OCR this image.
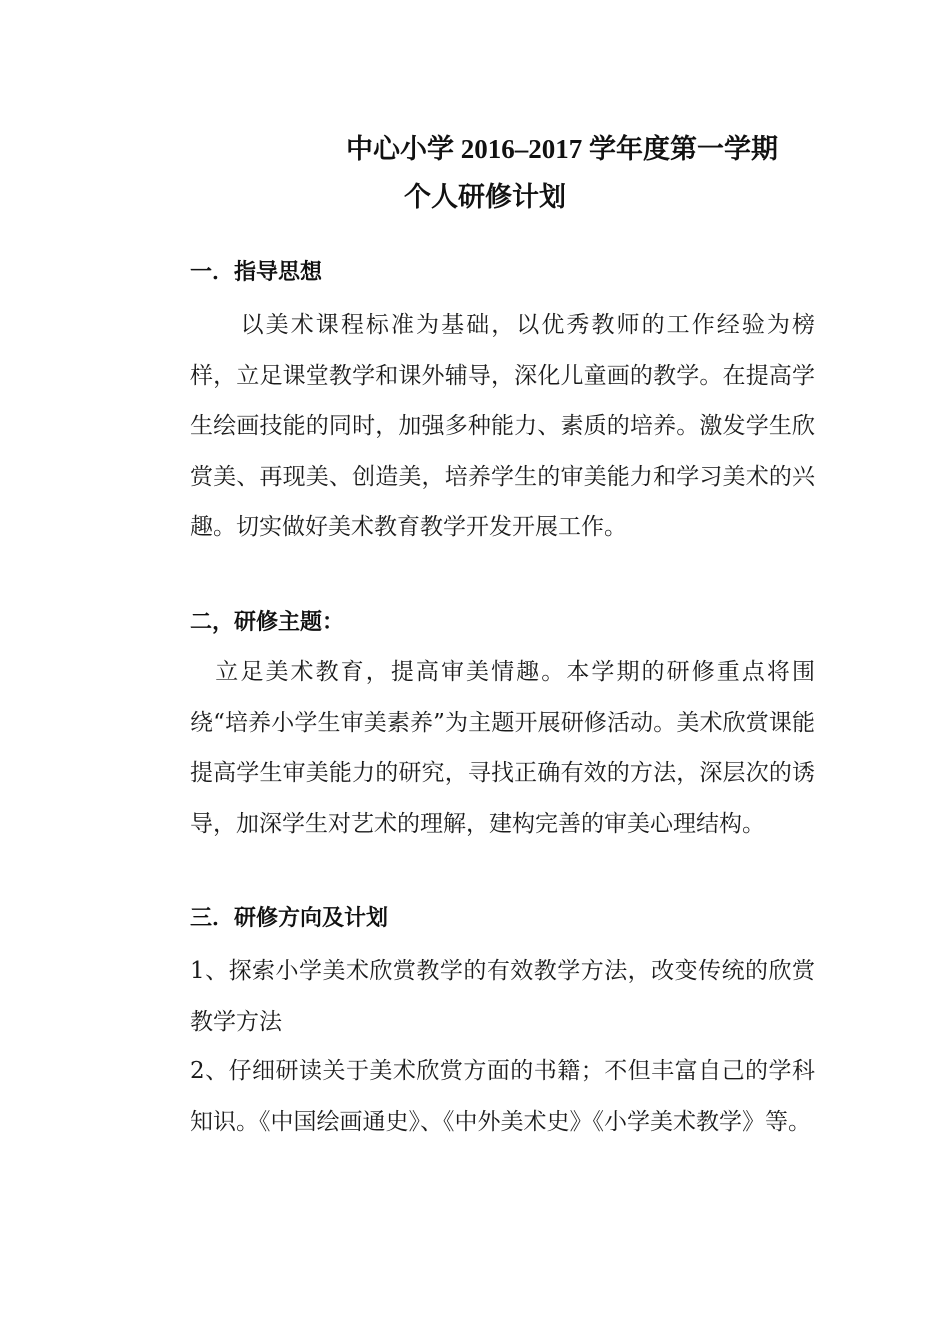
中心小学 2016–2017 学年度第一学期
个人研修计划
一．指导思想
以美术课程标准为基础，以优秀教师的工作经验为榜样，立足课堂教学和课外辅导，深化儿童画的教学。在提高学生绘画技能的同时，加强多种能力、素质的培养。激发学生欣赏美、再现美、创造美，培养学生的审美能力和学习美术的兴趣。切实做好美术教育教学开发开展工作。
二，研修主题：
立足美术教育，提高审美情趣。本学期的研修重点将围绕“培养小学生审美素养”为主题开展研修活动。美术欣赏课能提高学生审美能力的研究，寻找正确有效的方法，深层次的诱导，加深学生对艺术的理解，建构完善的审美心理结构。
三．研修方向及计划
1、探索小学美术欣赏教学的有效教学方法，改变传统的欣赏教学方法
2、仔细研读关于美术欣赏方面的书籍；不但丰富自己的学科知识。《中国绘画通史》、《中外美术史》《小学美术教学》等。
